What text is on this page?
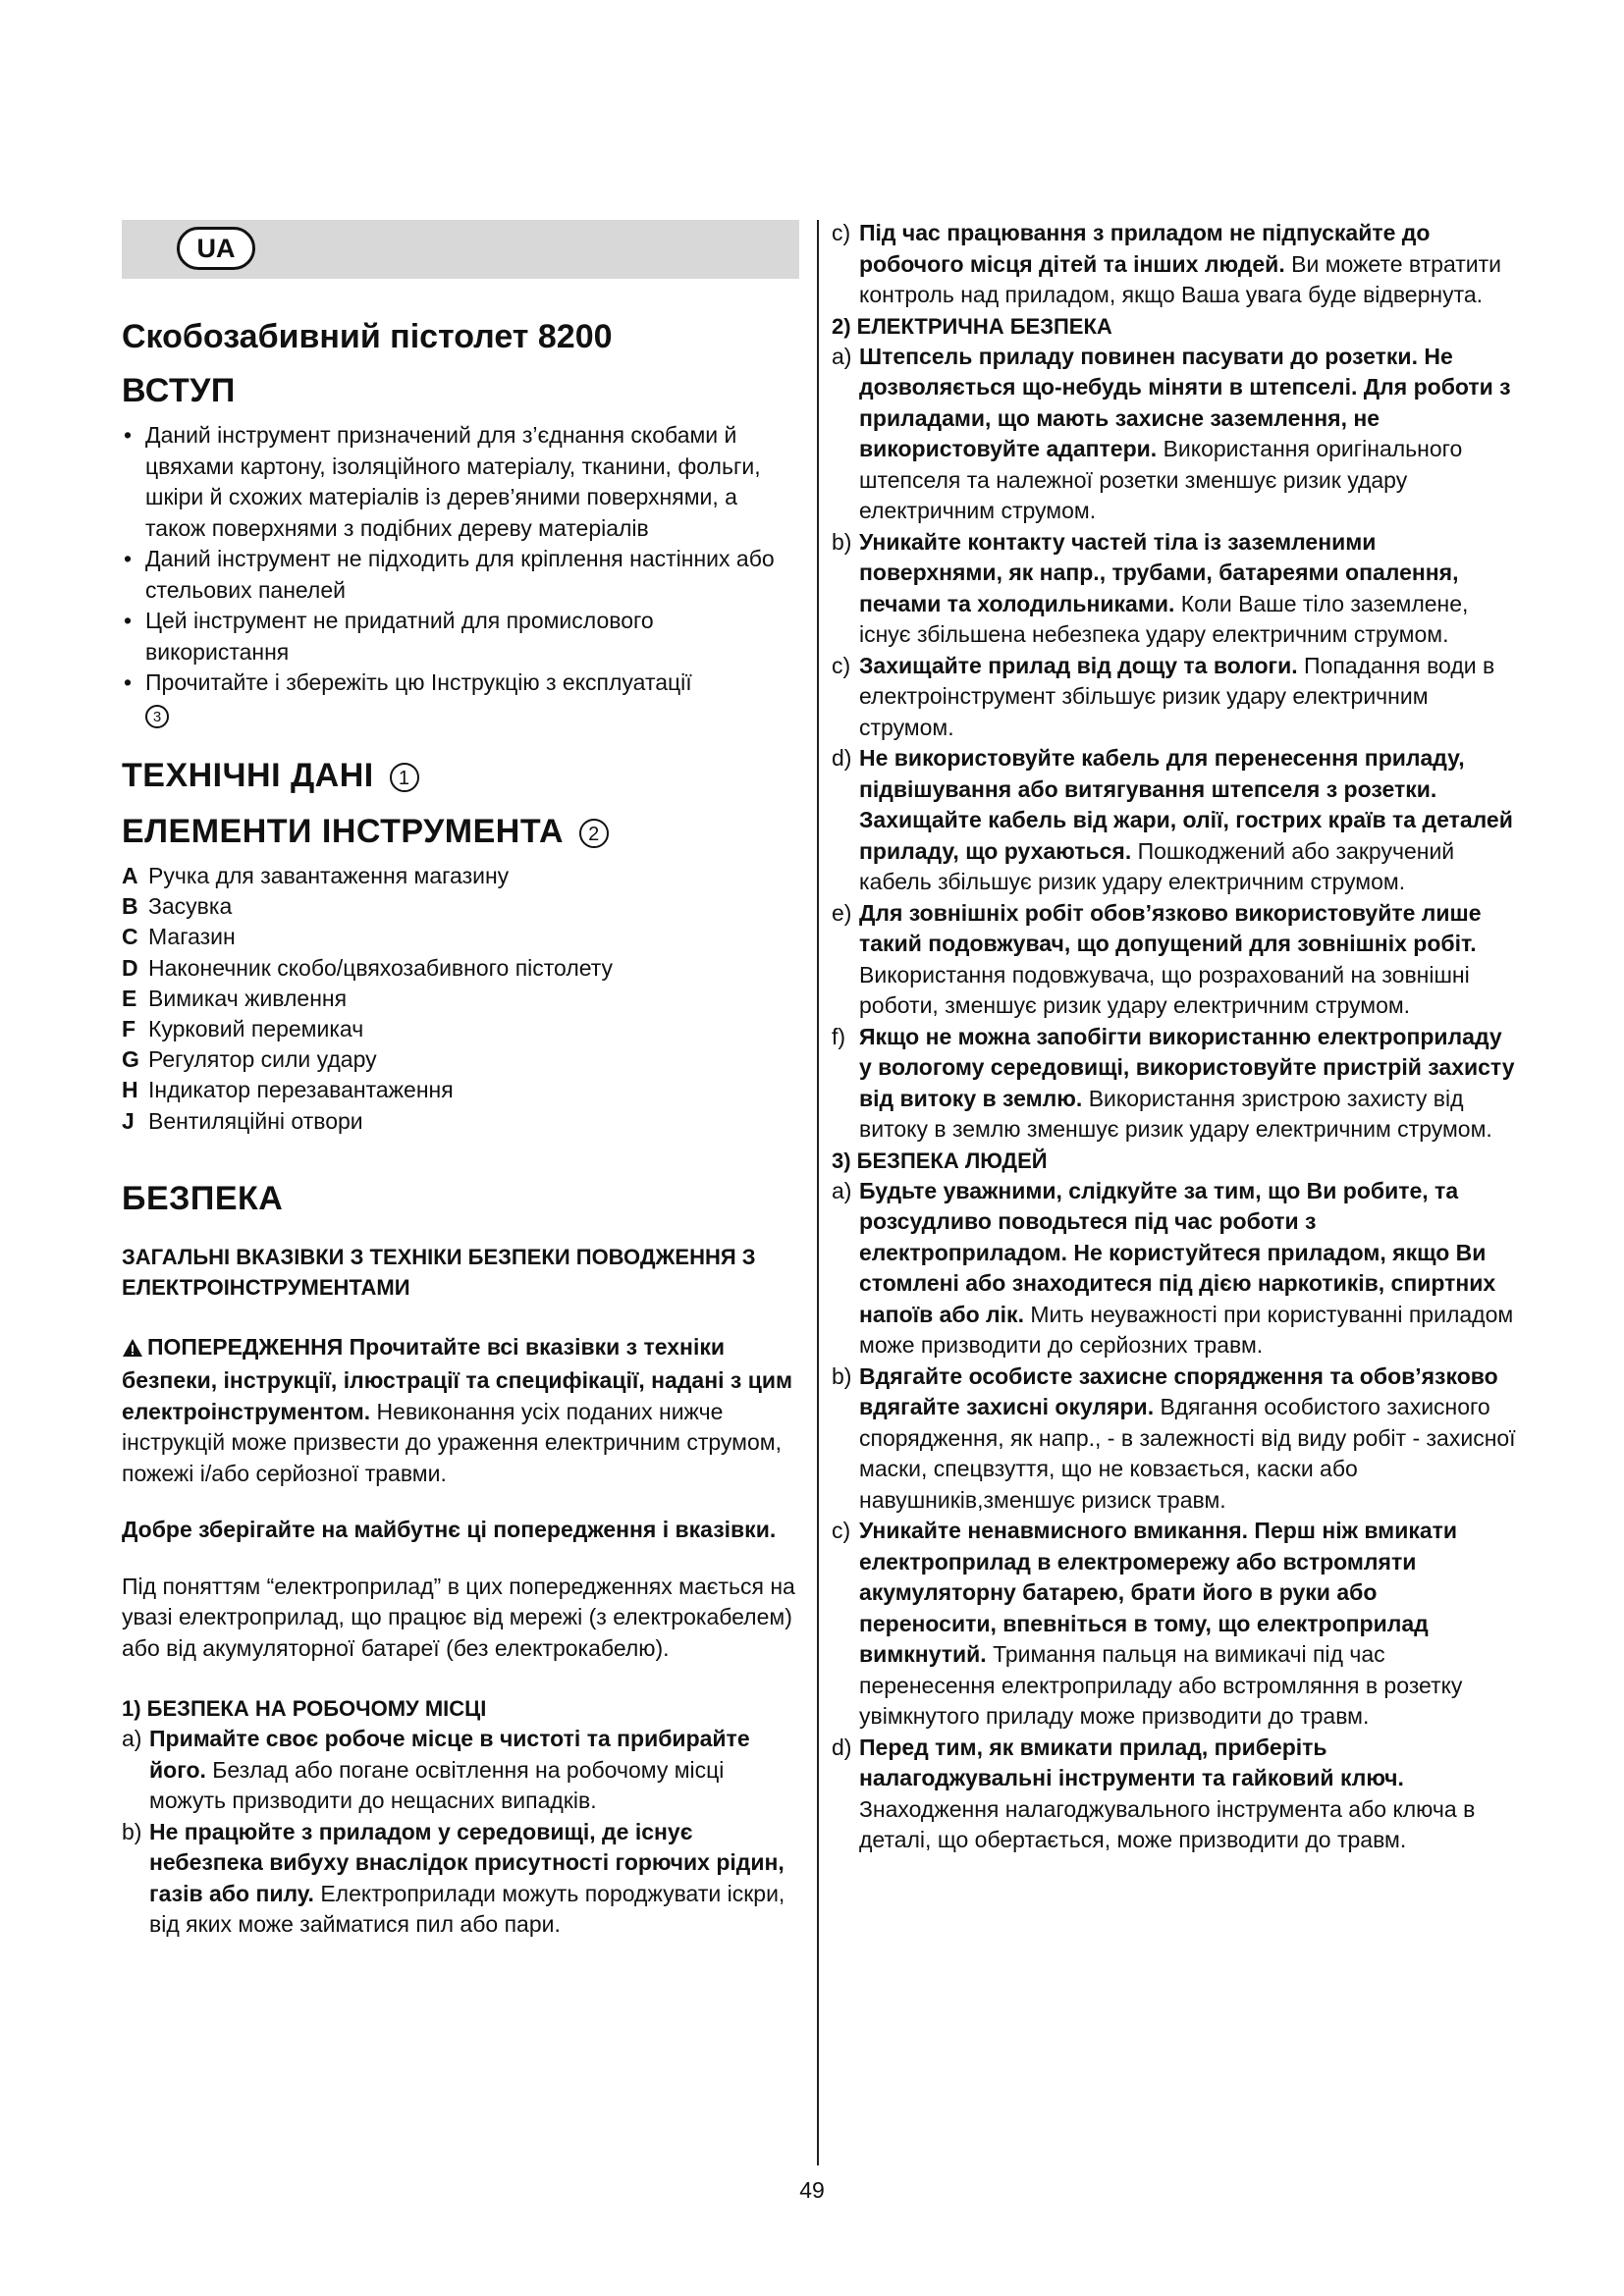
UA
Скобозабивний пістолет 8200
ВСТУП
• Даний інструмент призначений для з’єднання скобами й цвяхами картону, ізоляційного матеріалу, тканини, фольги, шкіри й схожих матеріалів із дерев’яними поверхнями, а також поверхнями з подібних дереву матеріалів
• Даний інструмент не підходить для кріплення настінних або стельових панелей
• Цей інструмент не придатний для промислового використання
• Прочитайте і збережіть цю Інструкцію з експлуатації
3
ТЕХНІЧНІ ДАНІ 1
ЕЛЕМЕНТИ ІНСТРУМЕНТА 2
A Ручка для завантаження магазину
B Засувка
C Магазин
D Наконечник скобо/цвяхозабивного пістолету
E Вимикач живлення
F Курковий перемикач
G Регулятор сили удару
H Індикатор перезавантаження
J Вентиляційні отвори
БЕЗПЕКА
ЗАГАЛЬНІ ВКАЗІВКИ З ТЕХНІКИ БЕЗПЕКИ ПОВОДЖЕННЯ З ЕЛЕКТРОІНСТРУМЕНТАМИ
ПОПЕРЕДЖЕННЯ Прочитайте всі вказівки з техніки безпеки, інструкції, ілюстрації та специфікації, надані з цим електроінструментом. Невиконання усіх поданих нижче інструкцій може призвести до ураження електричним струмом, пожежі і/або серйозної травми.
Добре зберігайте на майбутнє ці попередження і вказівки.
Під поняттям “електроприлад” в цих попередженнях мається на увазі електроприлад, що працює від мережі (з електрокабелем) або від акумуляторної батареї (без електрокабелю).
1) БЕЗПЕКА НА РОБОЧОМУ МІСЦІ
a) Примайте своє робоче місце в чистоті та прибирайте його. Безлад або погане освітлення на робочому місці можуть призводити до нещасних випадків.
b) Не працюйте з приладом у середовищі, де існує небезпека вибуху внаслідок присутності горючих рідин, газів або пилу. Електроприлади можуть породжувати іскри, від яких може займатися пил або пари.
c) Під час працювання з приладом не підпускайте до робочого місця дітей та інших людей. Ви можете втратити контроль над приладом, якщо Ваша увага буде відвернута.
2) ЕЛЕКТРИЧНА БЕЗПЕКА
a) Штепсель приладу повинен пасувати до розетки. Не дозволяється що-небудь міняти в штепселі. Для роботи з приладами, що мають захисне заземлення, не використовуйте адаптери. Використання оригінального штепселя та належної розетки зменшує ризик удару електричним струмом.
b) Уникайте контакту частей тіла із заземленими поверхнями, як напр., трубами, батареями опалення, печами та холодильниками. Коли Ваше тіло заземлене, існує збільшена небезпека удару електричним струмом.
c) Захищайте прилад від дощу та вологи. Попадання води в електроінструмент збільшує ризик удару електричним струмом.
d) Не використовуйте кабель для перенесення приладу, підвішування або витягування штепселя з розетки. Захищайте кабель від жари, олії, гострих країв та деталей приладу, що рухаються. Пошкоджений або закручений кабель збільшує ризик удару електричним струмом.
e) Для зовнішніх робіт обов’язково використовуйте лише такий подовжувач, що допущений для зовнішніх робіт. Використання подовжувача, що розрахований на зовнішні роботи, зменшує ризик удару електричним струмом.
f) Якщо не можна запобігти використанню електроприладу у вологому середовищі, використовуйте пристрій захисту від витоку в землю. Використання зристрою захисту від витоку в землю зменшує ризик удару електричним струмом.
3) БЕЗПЕКА ЛЮДЕЙ
a) Будьте уважними, слідкуйте за тим, що Ви робите, та розсудливо поводьтеся під час роботи з електроприладом. Не користуйтеся приладом, якщо Ви стомлені або знаходитеся під дією наркотиків, спиртних напоїв або лік. Мить неуважності при користуванні приладом може призводити до серйозних травм.
b) Вдягайте особисте захисне спорядження та обов’язково вдягайте захисні окуляри. Вдягання особистого захисного спорядження, як напр., - в залежності від виду робіт - захисної маски, спецвзуття, що не ковзається, каски або навушників,зменшує ризиск травм.
c) Уникайте ненавмисного вмикання. Перш ніж вмикати електроприлад в електромережу або встромляти акумуляторну батарею, брати його в руки або переносити, впевніться в тому, що електроприлад вимкнутий. Тримання пальця на вимикачі під час перенесення електроприладу або встромляння в розетку увімкнутого приладу може призводити до травм.
d) Перед тим, як вмикати прилад, приберіть налагоджувальні інструменти та гайковий ключ. Знаходження налагоджувального інструмента або ключа в деталі, що обертається, може призводити до травм.
49
